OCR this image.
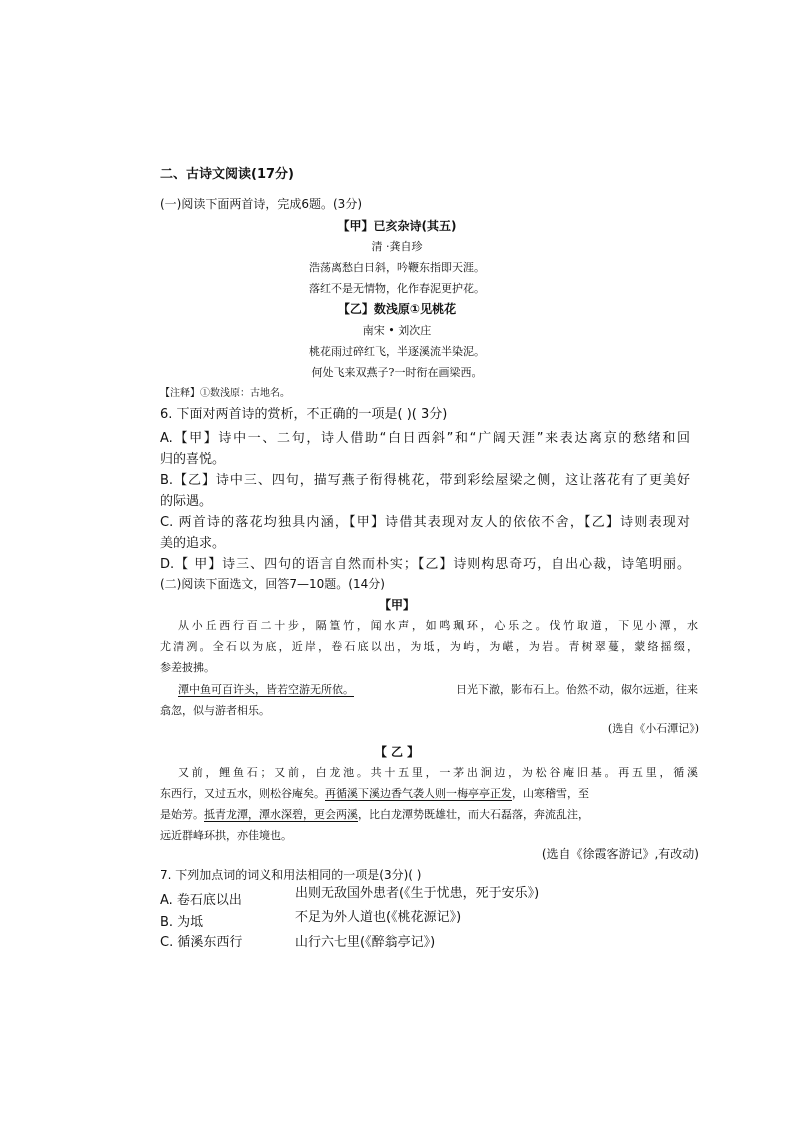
二、古诗文阅读(17分)
(一)阅读下面两首诗，完成6题。(3分)
【甲】已亥杂诗(其五)
清 ·龚自珍
浩荡离愁白日斜，吟鞭东指即天涯。
落红不是无情物，化作春泥更护花。
【乙】数浅原①见桃花
南宋 • 刘次庄
桃花雨过碎红飞，半逐溪流半染泥。
何处飞来双燕子?一时衔在画梁西。
【注释】①数浅原：古地名。
6. 下面对两首诗的赏析，不正确的一项是( )( 3分)
A.【甲】诗中一、二句，诗人借助“白日西斜”和“广阔天涯”来表达离京的愁绪和回
归的喜悦。
B.【乙】诗中三、四句，描写燕子衔得桃花，带到彩绘屋梁之侧，这让落花有了更美好
的际遇。
C. 两首诗的落花均独具内涵，【甲】诗借其表现对友人的依依不舍，【乙】诗则表现对
美的追求。
D.【 甲】诗三、四句的语言自然而朴实；【乙】诗则构思奇巧，自出心裁，诗笔明丽。
(二)阅读下面选文，回答7—10题。(14分)
【甲】
从小丘西行百二十步，隔篁竹，闻水声，如鸣珮环，心乐之。伐竹取道，下见小潭，水
尤清冽。全石以为底，近岸，卷石底以出，为坻，为屿，为嵁，为岩。青树翠蔓，蒙络摇缀，
参差披拂。
潭中鱼可百许头，皆若空游无所依。	日光下澈，影布石上。佁然不动，俶尔远逝，往来
翕忽，似与游者相乐。
(选自《小石潭记》)
【 乙 】
又前，鲤鱼石；又前，白龙池。共十五里，一茅出涧边，为松谷庵旧基。再五里，循溪
东西行，又过五水，则松谷庵矣。再循溪下溪边香气袭人则一梅亭亭正发，山寒稽雪，至
是始芳。抵青龙潭，潭水深碧，更会两溪，比白龙潭势既雄壮，而大石磊落，奔流乱注，
远近群峰环拱，亦佳境也。
(选自《徐霞客游记》,有改动)
7. 下列加点词的词义和用法相同的一项是(3分)( )
A. 卷石底以出	出则无敌国外患者(《生于忧患，死于安乐》)
B. 为坻	不足为外人道也(《桃花源记》)
C. 循溪东西行	山行六七里(《醉翁亭记》)
